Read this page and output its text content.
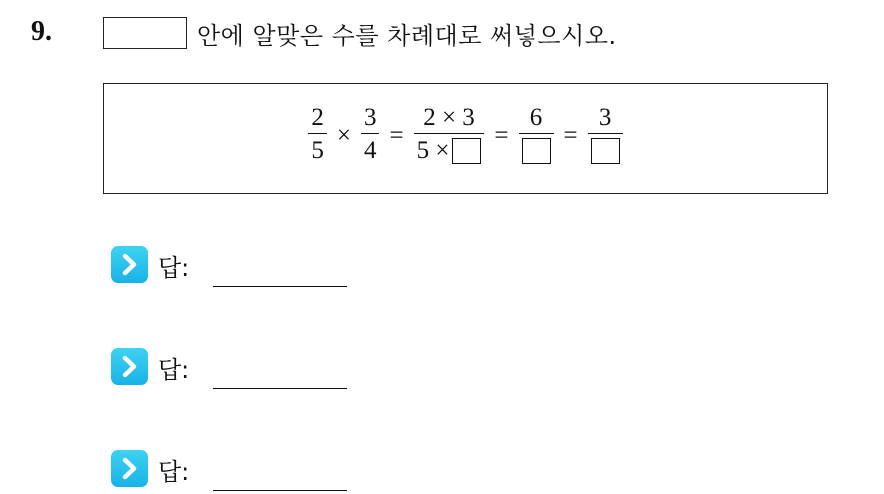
9.	안에 알맞은 수를 차례대로 써넣으시오.
$\frac{2}{5} \times \frac{3}{4} = \frac{2 \times 3}{5 \times}$ =
6
=
3
답:
답:
답:
